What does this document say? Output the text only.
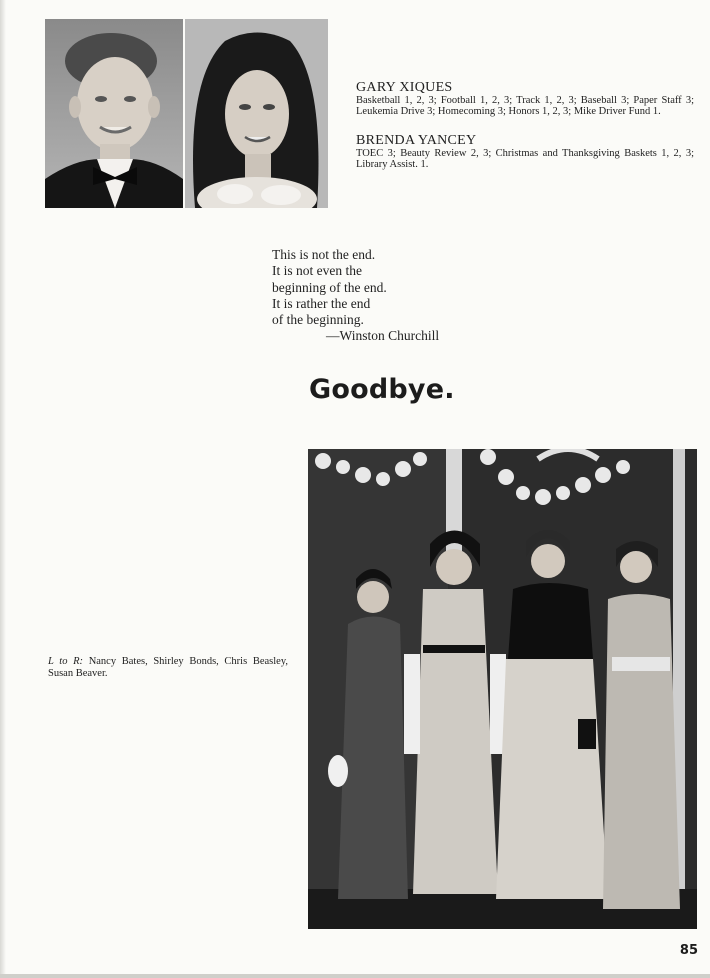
GARY XIQUES
Basketball 1, 2, 3; Football 1, 2, 3; Track 1, 2, 3; Baseball 3; Paper Staff 3; Leukemia Drive 3; Homecoming 3; Honors 1, 2, 3; Mike Driver Fund 1.
BRENDA YANCEY
TOEC 3; Beauty Review 2, 3; Christmas and Thanksgiving Baskets 1, 2, 3; Library Assist. 1.
This is not the end.
It is not even the
beginning of the end.
It is rather the end
of the beginning.
—Winston Churchill
Goodbye.
L to R: Nancy Bates, Shirley Bonds, Chris Beasley, Susan Beaver.
85
